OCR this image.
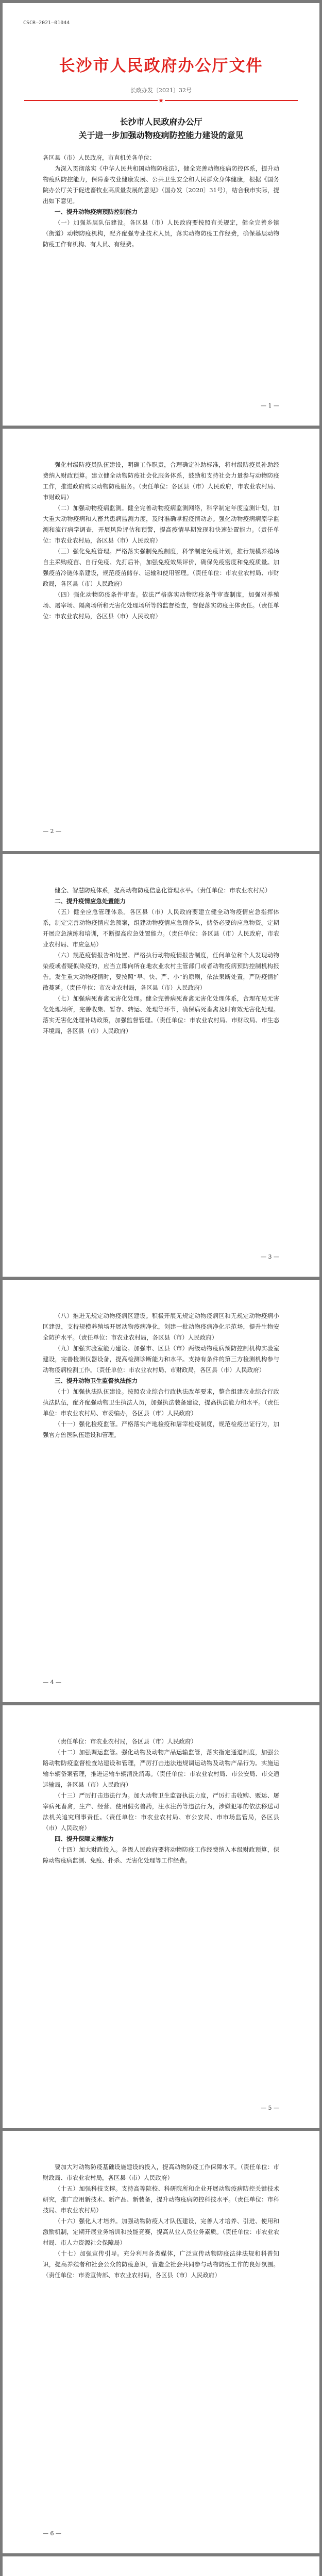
CSCR—2021—01044
长沙市人民政府办公厅文件
长政办发〔2021〕32号
★
长沙市人民政府办公厅
关于进一步加强动物疫病防控能力建设的意见

各区县（市）人民政府，市直机关各单位：

为深入贯彻落实《中华人民共和国动物防疫法》，健全完善动物疫病防控体系，提升动物疫病防控能力，保障畜牧业健康发展、公共卫生安全和人民群众身体健康，根据《国务院办公厅关于促进畜牧业高质量发展的意见》（国办发〔2020〕31号），结合我市实际，提出如下意见。

一、提升动物疫病预防控制能力

（一）加强基层队伍建设。各区县（市）人民政府要按照有关规定，健全完善乡镇（街道）动物防疫机构，配齐配强专业技术人员，落实动物防疫工作经费，确保基层动物防疫工作有机构、有人员、有经费。

— 1 —

强化村级防疫员队伍建设，明确工作职责，合理确定补助标准，将村级防疫员补助经费纳入财政预算。建立健全动物防疫社会化服务体系，鼓励和支持社会力量参与动物防疫工作，推进政府购买动物防疫服务。（责任单位：各区县（市）人民政府，市农业农村局、市财政局）

（二）加强动物疫病监测。健全完善动物疫病监测网络，科学制定年度监测计划，加大重大动物疫病和人畜共患病监测力度，及时准确掌握疫情动态。强化动物疫病病原学监测和流行病学调查，开展风险评估和预警，提高疫情早期发现和快速处置能力。（责任单位：市农业农村局，各区县（市）人民政府）

（三）强化免疫管理。严格落实强制免疫制度，科学制定免疫计划，推行规模养殖场自主采购疫苗、自行免疫、先打后补，加强免疫效果评价，确保免疫密度和免疫质量。加强疫苗冷链体系建设，规范疫苗储存、运输和使用管理。（责任单位：市农业农村局、市财政局，各区县（市）人民政府）

（四）强化动物防疫条件审查。依法严格落实动物防疫条件审查制度，加强对养殖场、屠宰场、隔离场所和无害化处理场所等的监督检查，督促落实防疫主体责任。（责任单位：市农业农村局，各区县（市）人民政府）

— 2 —

健全、智慧防疫体系，提高动物防疫信息化管理水平。（责任单位：市农业农村局）

二、提升疫情应急处置能力

（五）健全应急管理体系。各区县（市）人民政府要建立健全动物疫情应急指挥体系，制定完善动物疫情应急预案，组建动物疫情应急预备队，储备必要的应急物资。定期开展应急演练和培训，不断提高应急处置能力。（责任单位：各区县（市）人民政府，市农业农村局、市应急局）

（六）规范疫情报告和处置。严格执行动物疫情报告制度，任何单位和个人发现动物染疫或者疑似染疫的，应当立即向所在地农业农村主管部门或者动物疫病预防控制机构报告。发生重大动物疫情时，要按照“早、快、严、小”的原则，依法果断处置，严防疫情扩散蔓延。（责任单位：市农业农村局，各区县（市）人民政府）

（七）加强病死畜禽无害化处理。健全完善病死畜禽无害化处理体系，合理布局无害化处理场所，完善收集、暂存、转运、处理等环节，确保病死畜禽及时有效无害化处理。落实无害化处理补助政策，加强监督管理。（责任单位：市农业农村局、市财政局、市生态环境局，各区县（市）人民政府）

— 3 —

（八）推进无规定动物疫病区建设。积极开展无规定动物疫病区和无规定动物疫病小区建设，支持规模养殖场开展动物疫病净化，创建一批动物疫病净化示范场，提升生物安全防护水平。（责任单位：市农业农村局，各区县（市）人民政府）

（九）加强实验室能力建设。加强市、区县（市）两级动物疫病预防控制机构实验室建设，完善检测仪器设备，提高检测诊断能力和水平。支持有条件的第三方检测机构参与动物疫病检测工作。（责任单位：市农业农村局、市财政局，各区县（市）人民政府）

三、提升动物卫生监督执法能力

（十）加强执法队伍建设。按照农业综合行政执法改革要求，整合组建农业综合行政执法队伍，配齐配强动物卫生执法人员，加强执法装备建设，提高执法能力和水平。（责任单位：市农业农村局、市委编办，各区县（市）人民政府）

（十一）强化检疫监管。严格落实产地检疫和屠宰检疫制度，规范检疫出证行为，加强官方兽医队伍建设和管理。

— 4 —

（责任单位：市农业农村局，各区县（市）人民政府）

（十二）加强调运监管。强化动物及动物产品运输监管，落实指定通道制度，加强公路动物防疫监督检查站建设和管理，严厉打击违法违规调运动物及动物产品行为。实施运输车辆备案管理，推进运输车辆清洗消毒。（责任单位：市农业农村局、市公安局、市交通运输局，各区县（市）人民政府）

（十三）严厉打击违法行为。加大动物卫生监督执法力度，严厉打击收购、贩运、屠宰病死畜禽，生产、经营、使用假劣兽药，注水注药等违法行为，涉嫌犯罪的依法移送司法机关追究刑事责任。（责任单位：市农业农村局、市公安局、市市场监管局，各区县（市）人民政府）

四、提升保障支撑能力

（十四）加大财政投入。各级人民政府要将动物防疫工作经费纳入本级财政预算，保障动物疫病监测、免疫、扑杀、无害化处理等工作经费。

— 5 —

要加大对动物防疫基础设施建设的投入，提高动物防疫工作保障水平。（责任单位：市财政局、市农业农村局，各区县（市）人民政府）

（十五）加强科技支撑。支持高等院校、科研院所和企业开展动物疫病防控关键技术研究，推广应用新技术、新产品、新装备，提升动物疫病防控科技水平。（责任单位：市科技局、市农业农村局）

（十六）强化人才培养。加强动物防疫人才队伍建设，完善人才培养、引进、使用和激励机制，定期开展业务培训和技能竞赛，提高从业人员业务素质。（责任单位：市农业农村局、市人力资源社会保障局）

（十七）加强宣传引导。充分利用各类媒体，广泛宣传动物防疫法律法规和科普知识，提高养殖者和社会公众的防疫意识，营造全社会共同参与动物防疫工作的良好氛围。（责任单位：市委宣传部、市农业农村局，各区县（市）人民政府）

— 6 —
